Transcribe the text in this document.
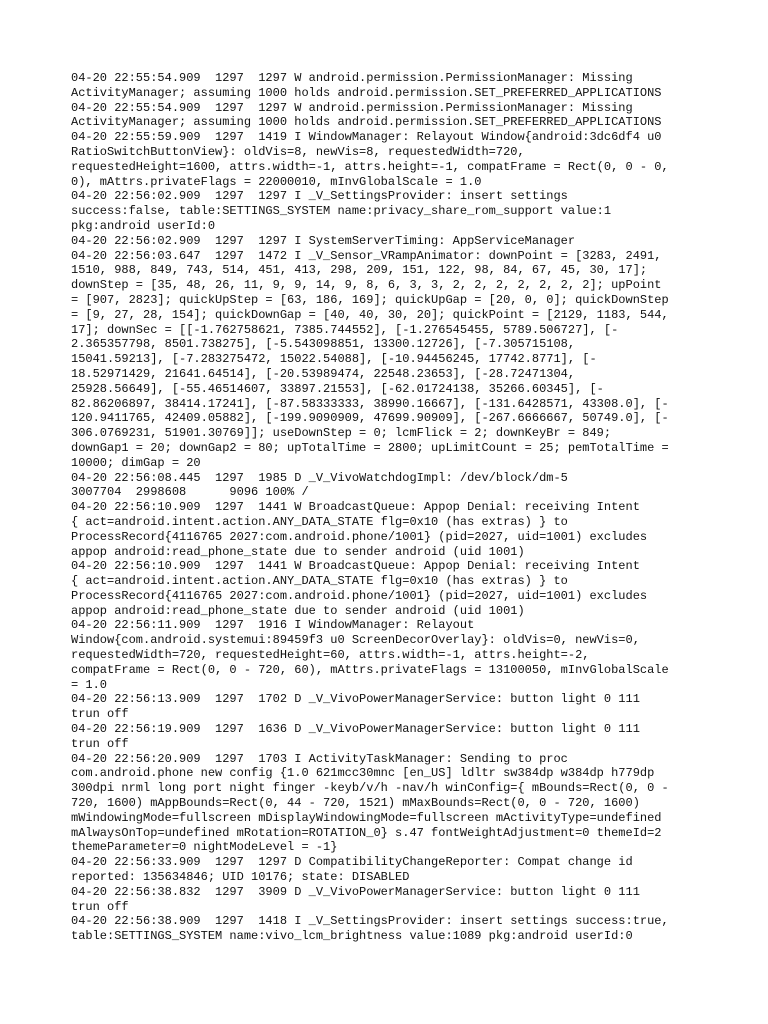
04-20 22:55:54.909  1297  1297 W android.permission.PermissionManager: Missing
ActivityManager; assuming 1000 holds android.permission.SET_PREFERRED_APPLICATIONS
04-20 22:55:54.909  1297  1297 W android.permission.PermissionManager: Missing
ActivityManager; assuming 1000 holds android.permission.SET_PREFERRED_APPLICATIONS
04-20 22:55:59.909  1297  1419 I WindowManager: Relayout Window{android:3dc6df4 u0
RatioSwitchButtonView}: oldVis=8, newVis=8, requestedWidth=720,
requestedHeight=1600, attrs.width=-1, attrs.height=-1, compatFrame = Rect(0, 0 - 0,
0), mAttrs.privateFlags = 22000010, mInvGlobalScale = 1.0
04-20 22:56:02.909  1297  1297 I _V_SettingsProvider: insert settings
success:false, table:SETTINGS_SYSTEM name:privacy_share_rom_support value:1
pkg:android userId:0
04-20 22:56:02.909  1297  1297 I SystemServerTiming: AppServiceManager
04-20 22:56:03.647  1297  1472 I _V_Sensor_VRampAnimator: downPoint = [3283, 2491,
1510, 988, 849, 743, 514, 451, 413, 298, 209, 151, 122, 98, 84, 67, 45, 30, 17];
downStep = [35, 48, 26, 11, 9, 9, 14, 9, 8, 6, 3, 3, 2, 2, 2, 2, 2, 2, 2]; upPoint
= [907, 2823]; quickUpStep = [63, 186, 169]; quickUpGap = [20, 0, 0]; quickDownStep
= [9, 27, 28, 154]; quickDownGap = [40, 40, 30, 20]; quickPoint = [2129, 1183, 544,
17]; downSec = [[-1.762758621, 7385.744552], [-1.276545455, 5789.506727], [-
2.365357798, 8501.738275], [-5.543098851, 13300.12726], [-7.305715108,
15041.59213], [-7.283275472, 15022.54088], [-10.94456245, 17742.8771], [-
18.52971429, 21641.64514], [-20.53989474, 22548.23653], [-28.72471304,
25928.56649], [-55.46514607, 33897.21553], [-62.01724138, 35266.60345], [-
82.86206897, 38414.17241], [-87.58333333, 38990.16667], [-131.6428571, 43308.0], [-
120.9411765, 42409.05882], [-199.9090909, 47699.90909], [-267.6666667, 50749.0], [-
306.0769231, 51901.30769]]; useDownStep = 0; lcmFlick = 2; downKeyBr = 849;
downGap1 = 20; downGap2 = 80; upTotalTime = 2800; upLimitCount = 25; pemTotalTime =
10000; dimGap = 20
04-20 22:56:08.445  1297  1985 D _V_VivoWatchdogImpl: /dev/block/dm-5
3007704  2998608      9096 100% /
04-20 22:56:10.909  1297  1441 W BroadcastQueue: Appop Denial: receiving Intent
{ act=android.intent.action.ANY_DATA_STATE flg=0x10 (has extras) } to
ProcessRecord{4116765 2027:com.android.phone/1001} (pid=2027, uid=1001) excludes
appop android:read_phone_state due to sender android (uid 1001)
04-20 22:56:10.909  1297  1441 W BroadcastQueue: Appop Denial: receiving Intent
{ act=android.intent.action.ANY_DATA_STATE flg=0x10 (has extras) } to
ProcessRecord{4116765 2027:com.android.phone/1001} (pid=2027, uid=1001) excludes
appop android:read_phone_state due to sender android (uid 1001)
04-20 22:56:11.909  1297  1916 I WindowManager: Relayout
Window{com.android.systemui:89459f3 u0 ScreenDecorOverlay}: oldVis=0, newVis=0,
requestedWidth=720, requestedHeight=60, attrs.width=-1, attrs.height=-2,
compatFrame = Rect(0, 0 - 720, 60), mAttrs.privateFlags = 13100050, mInvGlobalScale
= 1.0
04-20 22:56:13.909  1297  1702 D _V_VivoPowerManagerService: button light 0 111
trun off
04-20 22:56:19.909  1297  1636 D _V_VivoPowerManagerService: button light 0 111
trun off
04-20 22:56:20.909  1297  1703 I ActivityTaskManager: Sending to proc
com.android.phone new config {1.0 621mcc30mnc [en_US] ldltr sw384dp w384dp h779dp
300dpi nrml long port night finger -keyb/v/h -nav/h winConfig={ mBounds=Rect(0, 0 -
720, 1600) mAppBounds=Rect(0, 44 - 720, 1521) mMaxBounds=Rect(0, 0 - 720, 1600)
mWindowingMode=fullscreen mDisplayWindowingMode=fullscreen mActivityType=undefined
mAlwaysOnTop=undefined mRotation=ROTATION_0} s.47 fontWeightAdjustment=0 themeId=2
themeParameter=0 nightModeLevel = -1}
04-20 22:56:33.909  1297  1297 D CompatibilityChangeReporter: Compat change id
reported: 135634846; UID 10176; state: DISABLED
04-20 22:56:38.832  1297  3909 D _V_VivoPowerManagerService: button light 0 111
trun off
04-20 22:56:38.909  1297  1418 I _V_SettingsProvider: insert settings success:true,
table:SETTINGS_SYSTEM name:vivo_lcm_brightness value:1089 pkg:android userId:0
